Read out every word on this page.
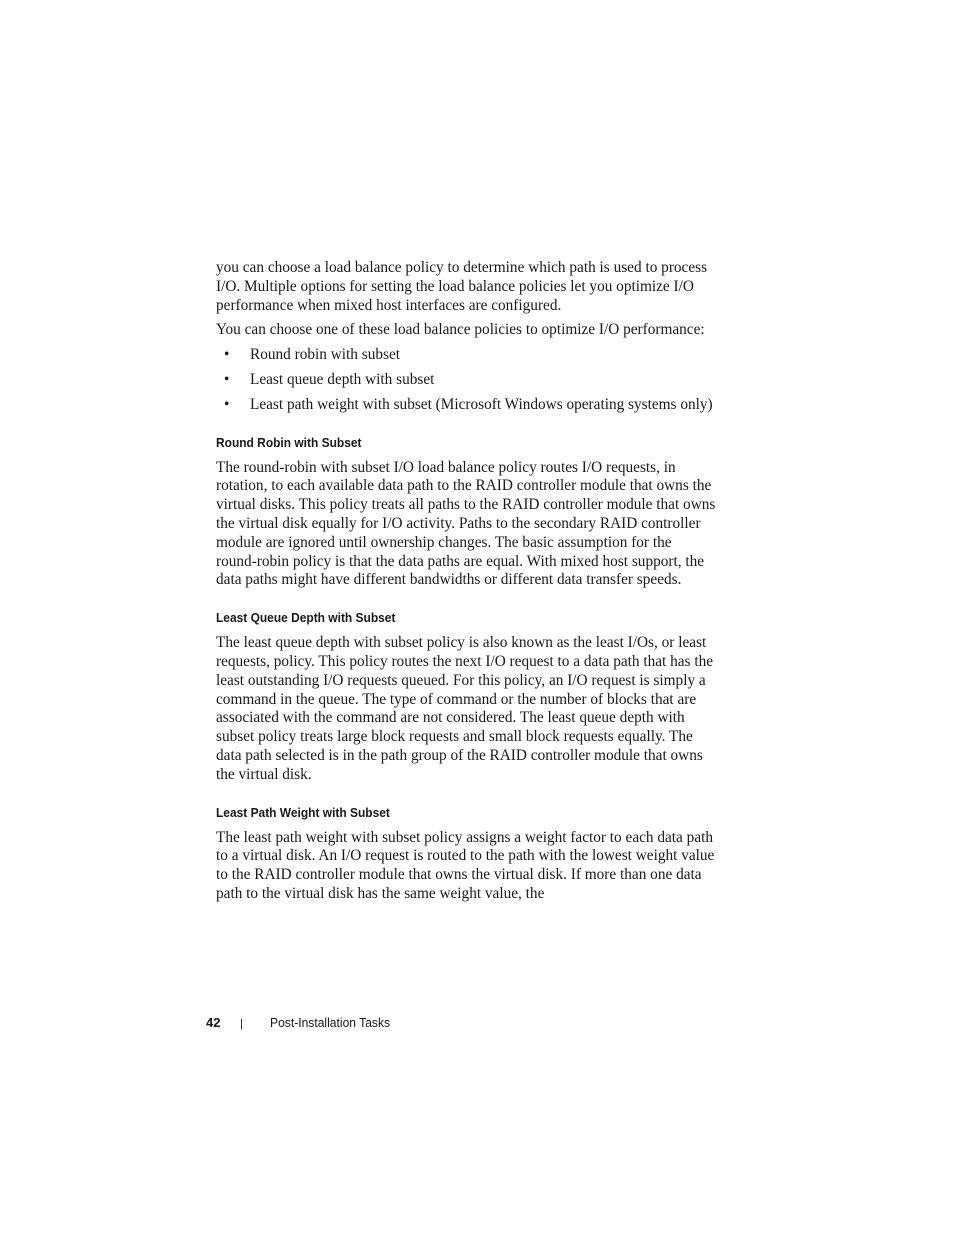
you can choose a load balance policy to determine which path is used to process I/O. Multiple options for setting the load balance policies let you optimize I/O performance when mixed host interfaces are configured.

You can choose one of these load balance policies to optimize I/O performance:

• Round robin with subset
• Least queue depth with subset
• Least path weight with subset (Microsoft Windows operating systems only)
Round Robin with Subset

The round-robin with subset I/O load balance policy routes I/O requests, in rotation, to each available data path to the RAID controller module that owns the virtual disks. This policy treats all paths to the RAID controller module that owns the virtual disk equally for I/O activity. Paths to the secondary RAID controller module are ignored until ownership changes. The basic assumption for the round-robin policy is that the data paths are equal. With mixed host support, the data paths might have different bandwidths or different data transfer speeds.

Least Queue Depth with Subset

The least queue depth with subset policy is also known as the least I/Os, or least requests, policy. This policy routes the next I/O request to a data path that has the least outstanding I/O requests queued. For this policy, an I/O request is simply a command in the queue. The type of command or the number of blocks that are associated with the command are not considered. The least queue depth with subset policy treats large block requests and small block requests equally. The data path selected is in the path group of the RAID controller module that owns the virtual disk.

Least Path Weight with Subset

The least path weight with subset policy assigns a weight factor to each data path to a virtual disk. An I/O request is routed to the path with the lowest weight value to the RAID controller module that owns the virtual disk. If more than one data path to the virtual disk has the same weight value, the

42 | Post-Installation Tasks
